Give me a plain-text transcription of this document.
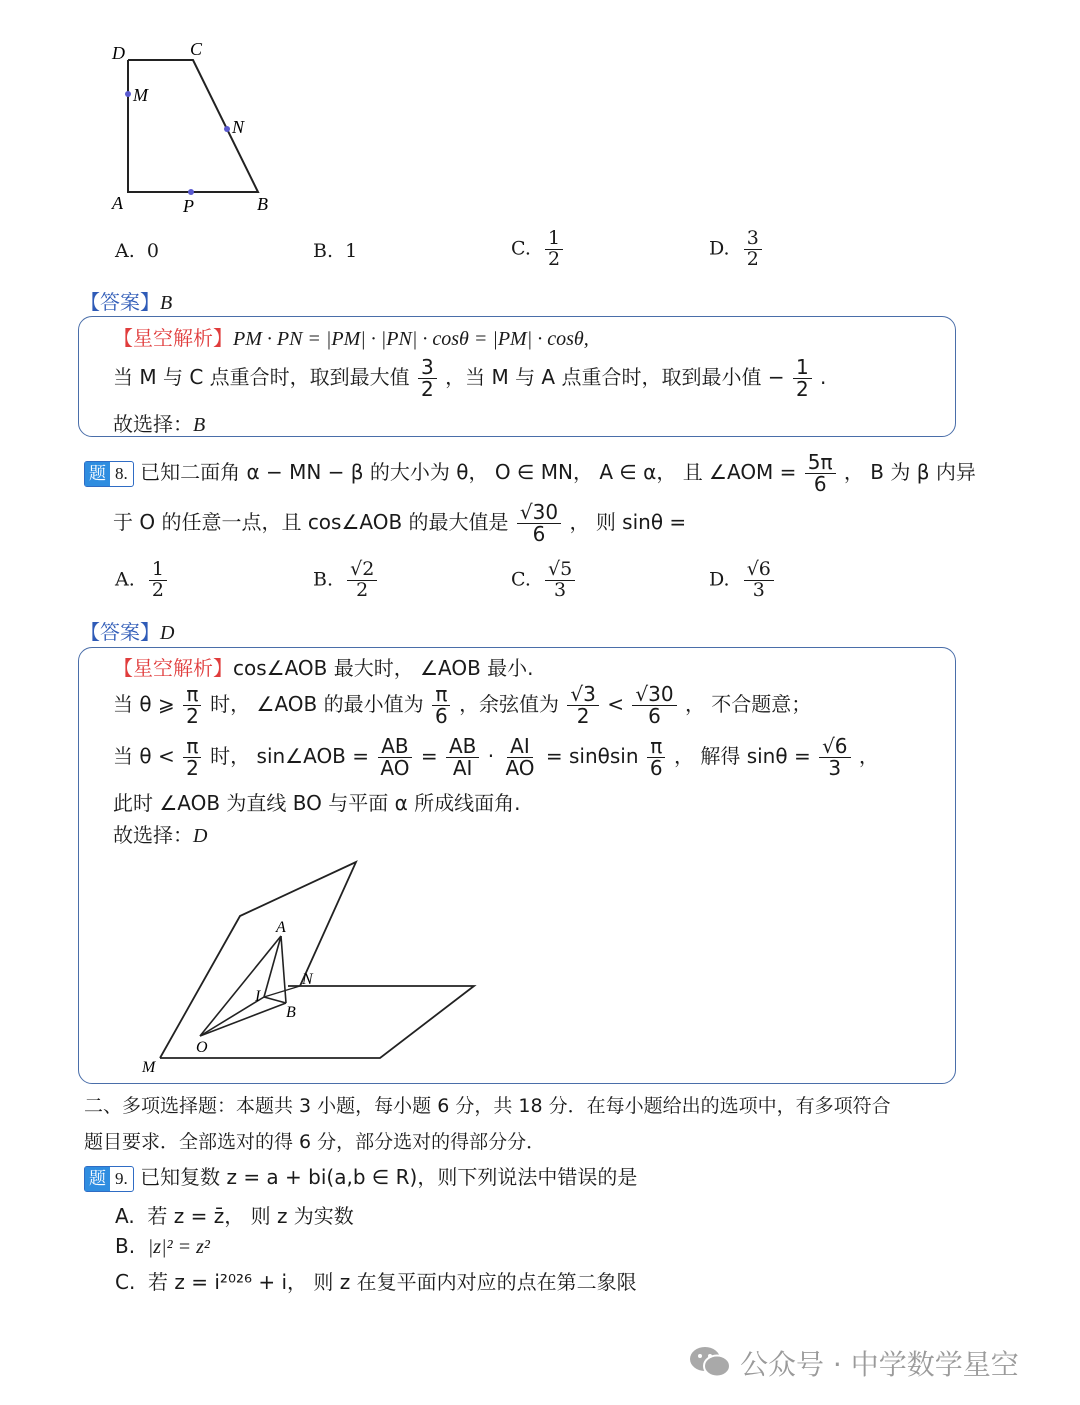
D	C
M
N
A	P	B
A. 0	B. 1	C. $\frac{1}{2}$	D. $\frac{3}{2}$
【答案】B
【星空解析】PM · PN = |PM| · |PN| · cosθ = |PM| · cosθ,
当 M 与 C 点重合时，取到最大值 $\frac{3}{2}$ ，当 M 与 A 点重合时，取到最小值 − $\frac{1}{2}$ .
故选择：B
题 8. 已知二面角 α − MN − β 的大小为 θ， O ∈ MN， A ∈ α， 且 ∠AOM = $\frac{5\pi}{6}$ ， B 为 β 内异
于 O 的任意一点，且 cos∠AOB 的最大值是 $\frac{√30}{6}$ ， 则 sinθ =
A. $\frac{1}{2}$	B. $\frac{√2}{2}$	C. $\frac{√5}{3}$	D. $\frac{√6}{3}$
【答案】D
【星空解析】cos∠AOB 最大时， ∠AOB 最小.
当 θ ⩾ $\frac{\pi}{2}$ 时， ∠AOB 的最小值为 $\frac{\pi}{6}$ ，余弦值为 $\frac{√3}{2} < \frac{√30}{6}$ ， 不合题意；
当 $\theta < \frac{\pi}{2}$ 时， sin∠AOB = $\frac{AB}{AO} = \frac{AB}{AI} \cdot \frac{AI}{AO} = \sin\theta\sin \frac{\pi}{6}$ ， 解得 $\sin\theta = \frac{√6}{3}$ ，
此时 ∠AOB 为直线 BO 与平面 α 所成线面角.
故选择：D
A
N
I
B
O
M
二、多项选择题：本题共 3 小题，每小题 6 分，共 18 分．在每小题给出的选项中，有多项符合
题目要求．全部选对的得 6 分，部分选对的得部分分．
题 9. 已知复数 z = a + bi(a,b ∈ R)，则下列说法中错误的是
A. 若 z = z̄， 则 z 为实数
B. |z|² = z²
C. 若 z = i²⁰²⁶ + i， 则 z 在复平面内对应的点在第二象限
公众号 · 中学数学星空
